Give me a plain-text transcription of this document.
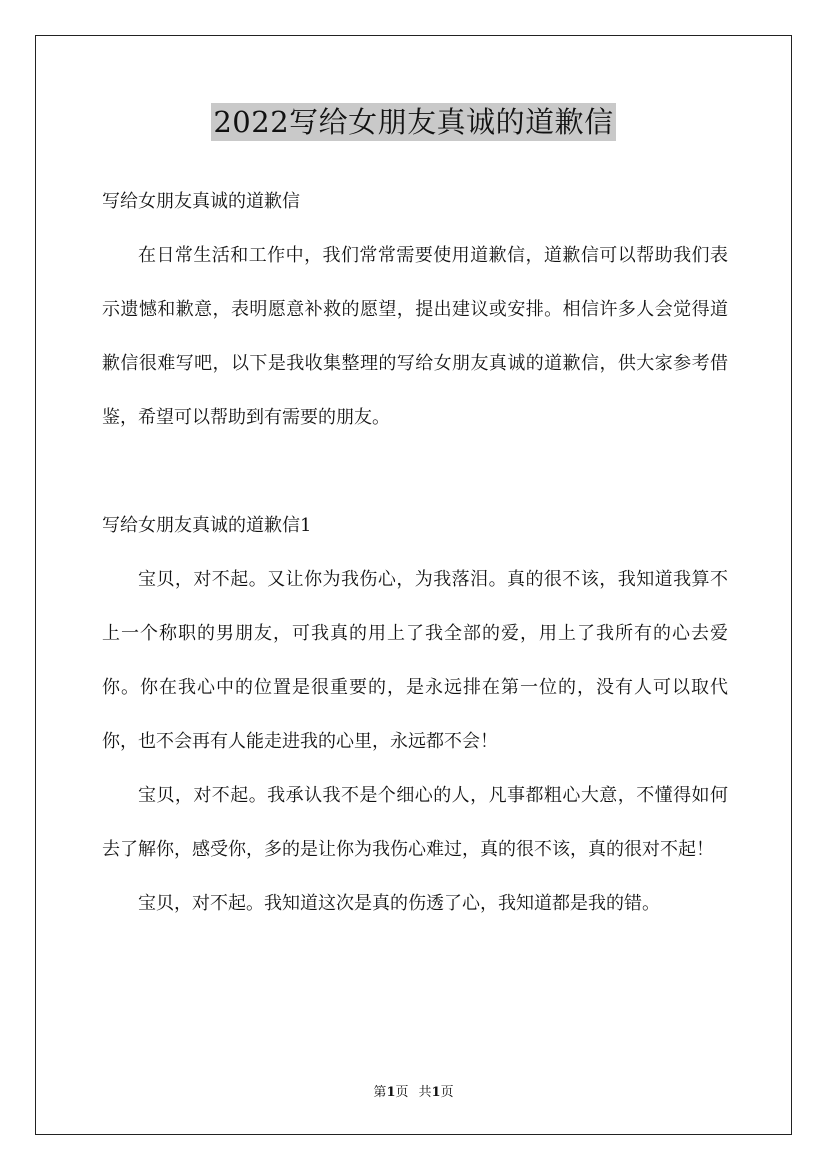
2022写给女朋友真诚的道歉信

写给女朋友真诚的道歉信

在日常生活和工作中，我们常常需要使用道歉信，道歉信可以帮助我们表示遗憾和歉意，表明愿意补救的愿望，提出建议或安排。相信许多人会觉得道歉信很难写吧，以下是我收集整理的写给女朋友真诚的道歉信，供大家参考借鉴，希望可以帮助到有需要的朋友。

写给女朋友真诚的道歉信1

宝贝，对不起。又让你为我伤心，为我落泪。真的很不该，我知道我算不上一个称职的男朋友，可我真的用上了我全部的爱，用上了我所有的心去爱你。你在我心中的位置是很重要的，是永远排在第一位的，没有人可以取代你，也不会再有人能走进我的心里，永远都不会！

宝贝，对不起。我承认我不是个细心的人，凡事都粗心大意，不懂得如何去了解你，感受你，多的是让你为我伤心难过，真的很不该，真的很对不起！

宝贝，对不起。我知道这次是真的伤透了心，我知道都是我的错。

第1页 共1页
